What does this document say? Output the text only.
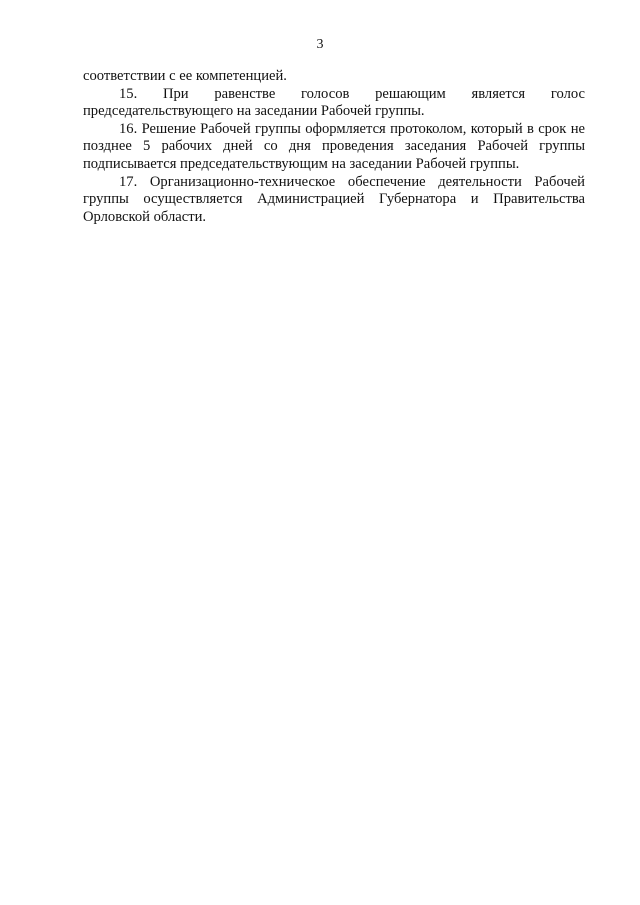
3

соответствии с ее компетенцией.

15. При равенстве голосов решающим является голос председательствующего на заседании Рабочей группы.

16. Решение Рабочей группы оформляется протоколом, который в срок не позднее 5 рабочих дней со дня проведения заседания Рабочей группы подписывается председательствующим на заседании Рабочей группы.

17. Организационно-техническое обеспечение деятельности Рабочей группы осуществляется Администрацией Губернатора и Правительства Орловской области.
